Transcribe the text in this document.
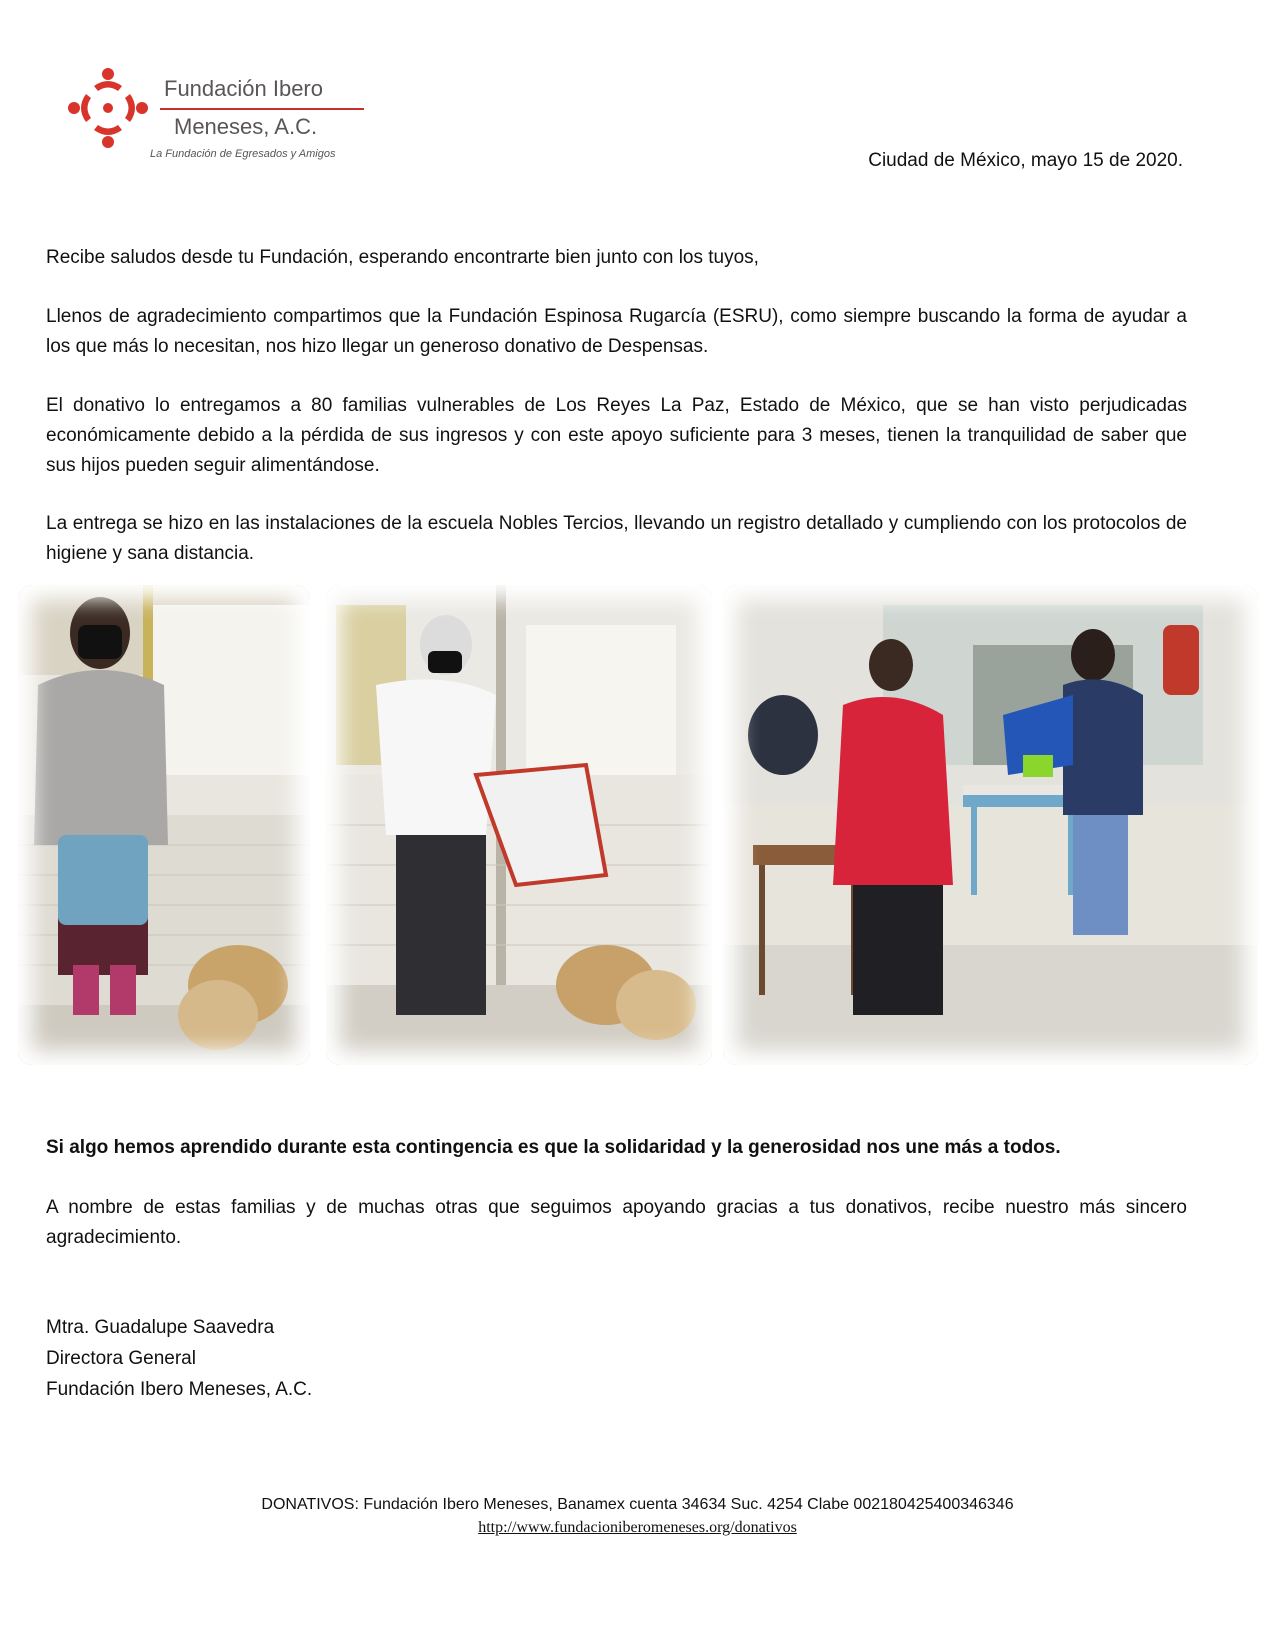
Fundación Ibero
Meneses, A.C.
La Fundación de Egresados y Amigos	Ciudad de México, mayo 15 de 2020.

Recibe saludos desde tu Fundación, esperando encontrarte bien junto con los tuyos,

Llenos de agradecimiento compartimos que la Fundación Espinosa Rugarcía (ESRU), como siempre buscando la forma de ayudar a los que más lo necesitan, nos hizo llegar un generoso donativo de Despensas.

El donativo lo entregamos a 80 familias vulnerables de Los Reyes La Paz, Estado de México, que se han visto perjudicadas económicamente debido a la pérdida de sus ingresos y con este apoyo suficiente para 3 meses, tienen la tranquilidad de saber que sus hijos pueden seguir alimentándose.

La entrega se hizo en las instalaciones de la escuela Nobles Tercios, llevando un registro detallado y cumpliendo con los protocolos de higiene y sana distancia.

Si algo hemos aprendido durante esta contingencia es que la solidaridad y la generosidad nos une más a todos.

A nombre de estas familias y de muchas otras que seguimos apoyando gracias a tus donativos, recibe nuestro más sincero agradecimiento.

Mtra. Guadalupe Saavedra
Directora General
Fundación Ibero Meneses, A.C.
DONATIVOS: Fundación Ibero Meneses, Banamex cuenta 34634 Suc. 4254 Clabe 002180425400346346
http://www.fundacioniberomeneses.org/donativos
